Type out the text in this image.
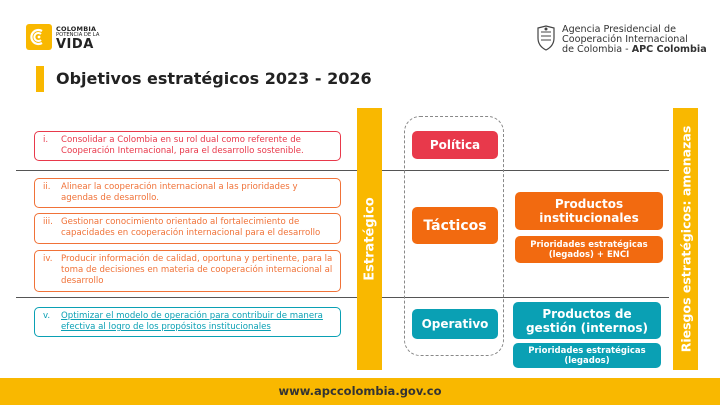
COLOMBIA
POTENCIA DE LA
VIDA
Agencia Presidencial de
Cooperación Internacional
de Colombia - APC Colombia
Objetivos estratégicos 2023 - 2026
i.	Consolidar a Colombia en su rol dual como referente de Cooperación Internacional, para el desarrollo sostenible.
ii.	Alinear la cooperación internacional a las prioridades y agendas de desarrollo.
iii. Gestionar conocimiento orientado al fortalecimiento de capacidades en cooperación internacional para el desarrollo
iv. Producir información de calidad, oportuna y pertinente, para la toma de decisiones en materia de cooperación internacional al desarrollo
v.	Optimizar el modelo de operación para contribuir de manera efectiva al logro de los propósitos institucionales
Estratégico	Riesgos estratégicos: amenazas
Política
Tácticos
Operativo
Productos institucionales
Prioridades estratégicas (legados) + ENCI
Productos de gestión (internos)
Prioridades estratégicas (legados)
www.apccolombia.gov.co
